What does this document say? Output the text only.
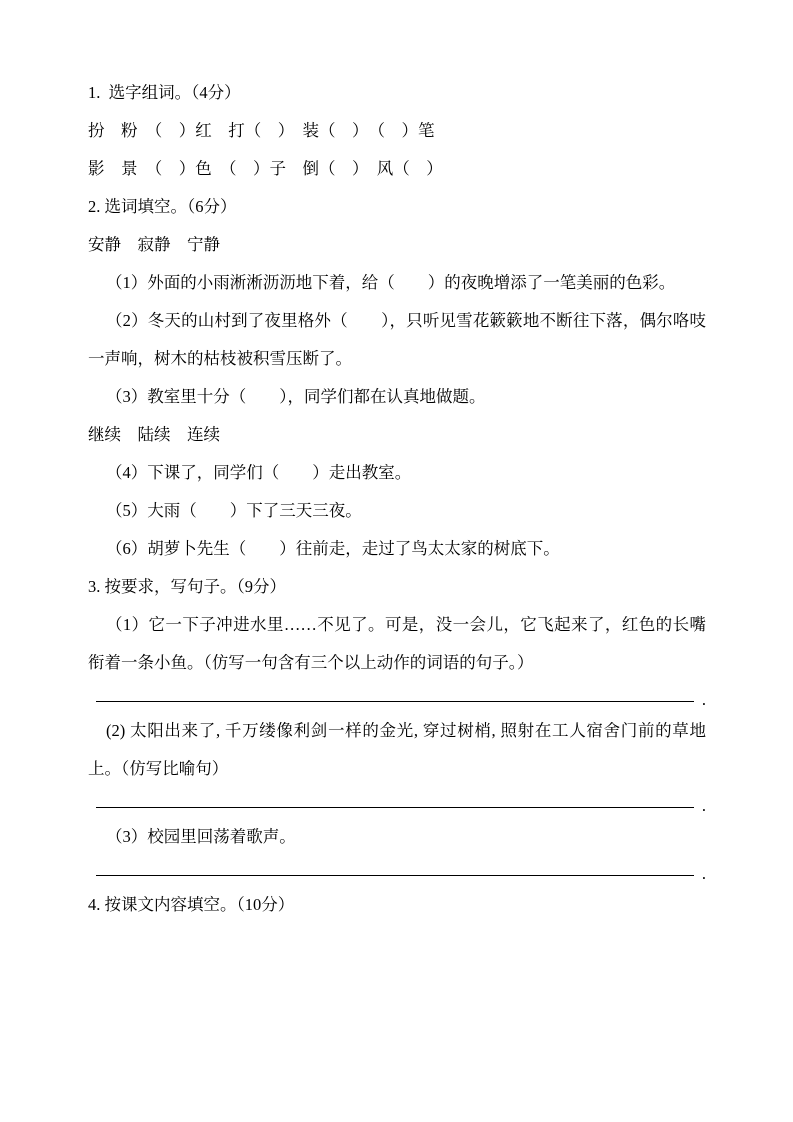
1.  选字组词。（4分）
扮　粉　（　）红　打（　）　装（　）　（　）笔
影　景　（　）色　（　）子　倒（　）　风（　）
2. 选词填空。（6分）
安静　寂静　宁静
（1）外面的小雨淅淅沥沥地下着，给（　　）的夜晚增添了一笔美丽的色彩。
（2）冬天的山村到了夜里格外（　　），只听见雪花簌簌地不断往下落，偶尔咯吱一声响，树木的枯枝被积雪压断了。
（3）教室里十分（　　），同学们都在认真地做题。
继续　陆续　连续
（4）下课了，同学们（　　）走出教室。
（5）大雨（　　）下了三天三夜。
（6）胡萝卜先生（　　）往前走，走过了鸟太太家的树底下。
3. 按要求，写句子。（9分）
（1）它一下子冲进水里……不见了。可是，没一会儿，它飞起来了，红色的长嘴衔着一条小鱼。（仿写一句含有三个以上动作的词语的句子。）
.
(2) 太阳出来了, 千万缕像利剑一样的金光, 穿过树梢, 照射在工人宿舍门前的草地上。（仿写比喻句）
.
（3）校园里回荡着歌声。
.
4. 按课文内容填空。（10分）
